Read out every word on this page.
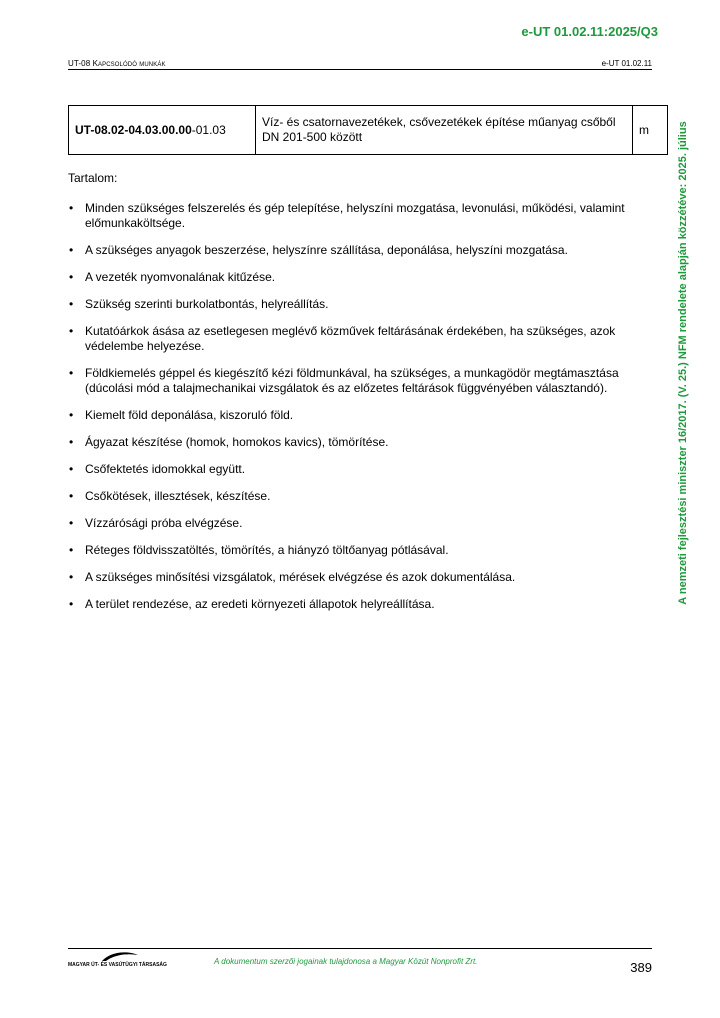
e-UT 01.02.11:2025/Q3
UT-08 Kapcsolódó munkák	e-UT 01.02.11
A nemzeti fejlesztési miniszter 16/2017. (V. 25.) NFM rendelete alapján közzétéve: 2025. július
UT-08.02-04.03.00.00-01.03	Víz- és csatornavezetékek, csővezetékek építése műanyag csőből DN 201-500 között	m
Tartalom:
• Minden szükséges felszerelés és gép telepítése, helyszíni mozgatása, levonulási, működési, valamint előmunkaköltsége.
• A szükséges anyagok beszerzése, helyszínre szállítása, deponálása, helyszíni mozgatása.
• A vezeték nyomvonalának kitűzése.
• Szükség szerinti burkolatbontás, helyreállítás.
• Kutatóárkok ásása az esetlegesen meglévő közművek feltárásának érdekében, ha szükséges, azok védelembe helyezése.
• Földkiemelés géppel és kiegészítő kézi földmunkával, ha szükséges, a munkagödör megtámasztása (dúcolási mód a talajmechanikai vizsgálatok és az előzetes feltárások függvényében választandó).
• Kiemelt föld deponálása, kiszoruló föld.
• Ágyazat készítése (homok, homokos kavics), tömörítése.
• Csőfektetés idomokkal együtt.
• Csőkötések, illesztések, készítése.
• Vízzárósági próba elvégzése.
• Réteges földvisszatöltés, tömörítés, a hiányzó töltőanyag pótlásával.
• A szükséges minősítési vizsgálatok, mérések elvégzése és azok dokumentálása.
• A terület rendezése, az eredeti környezeti állapotok helyreállítása.
MAGYAR ÚT- ÉS VASÚTÜGYI TÁRSASÁG	A dokumentum szerzői jogainak tulajdonosa a Magyar Közút Nonprofit Zrt.	389
